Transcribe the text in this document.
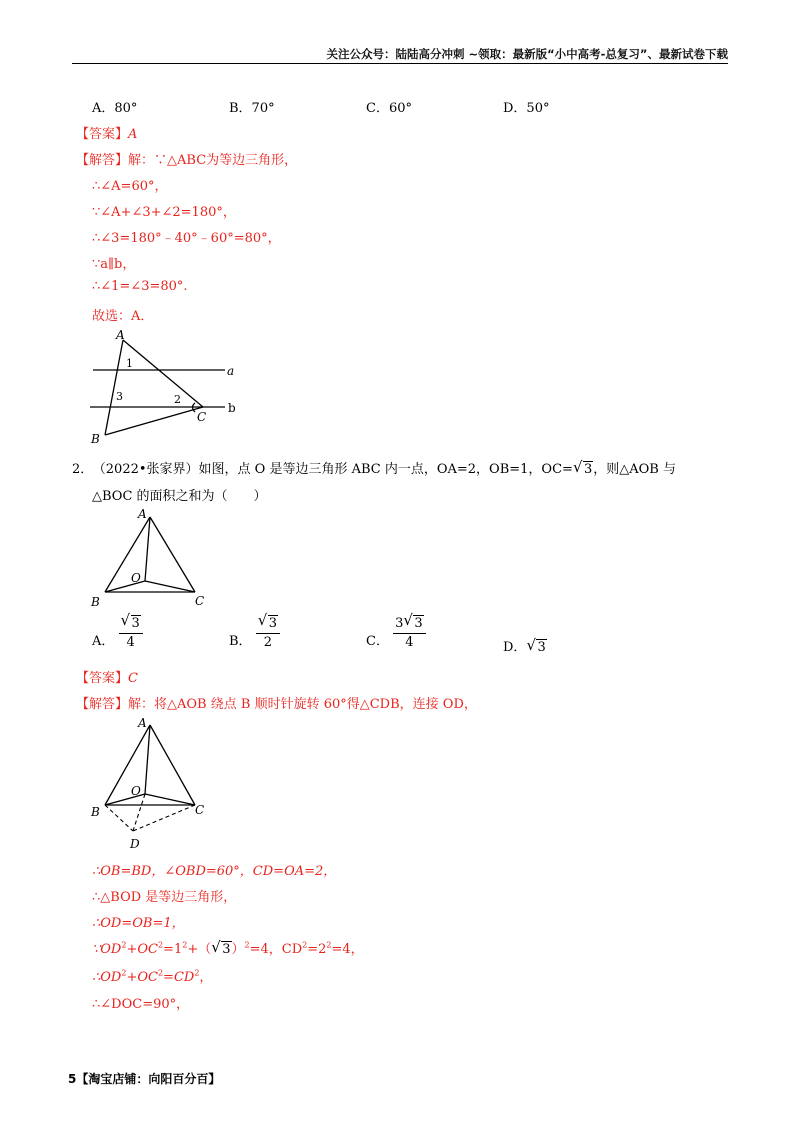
关注公众号：陆陆高分冲刺 ~领取：最新版“小中高考-总复习”、最新试卷下载
A．80°	B．70°	C．60°	D．50°
【答案】A
【解答】解：∵△ABC为等边三角形，
∴∠A=60°，
∵∠A+∠3+∠2=180°，
∴∠3=180°﹣40°﹣60°=80°，
∵a∥b，
∴∠1=∠3=80°.
故选：A．
A
1
a
3	2
b
C
B
2． （2022•张家界）如图，点 O 是等边三角形 ABC 内一点，OA=2，OB=1，OC= √ 3，则△AOB 与
△BOC 的面积之和为（　　）
A
O
B	C
A． $\frac{√ 3}{4}$	B． $\frac{√ 3}{2}$	C． $\frac{3 √ 3}{4}$	D． √ 3
【答案】C
【解答】解：将△AOB 绕点 B 顺时针旋转 60°得△CDB，连接 OD，
A
O
B	C
D
∴OB=BD，∠OBD=60°，CD=OA=2，
∴△BOD 是等边三角形，
∴OD=OB=1，
$\because OD^2+OC^2=1^2+$（ √ 3）$^2$=4，$CD^2=2^2=4$，
$\therefore OD^2+OC^2=CD^2$，
∴∠DOC=90°，
5【淘宝店铺：向阳百分百】
